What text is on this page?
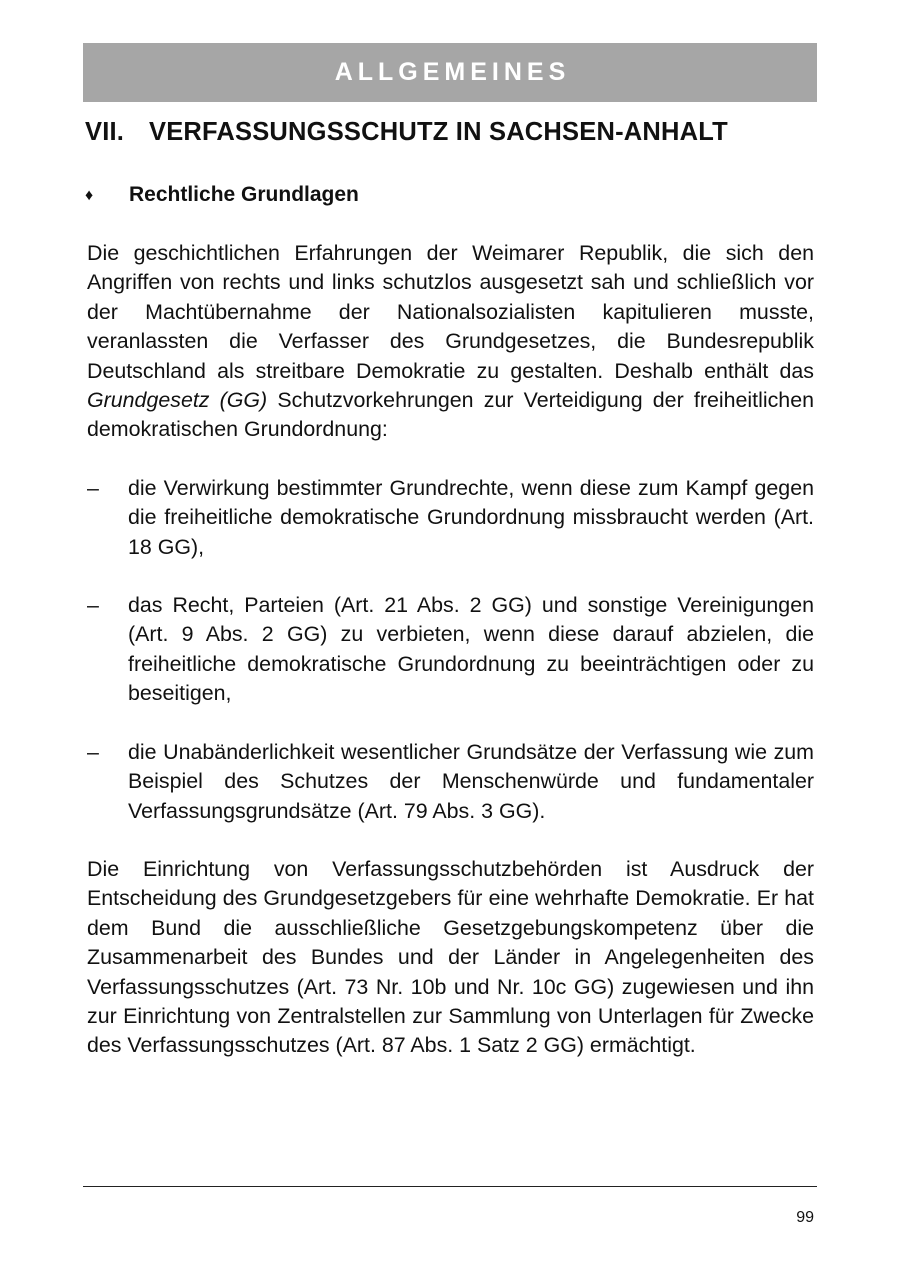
ALLGEMEINES
VII. VERFASSUNGSSCHUTZ IN SACHSEN-ANHALT
♦ Rechtliche Grundlagen

Die geschichtlichen Erfahrungen der Weimarer Republik, die sich den Angriffen von rechts und links schutzlos ausgesetzt sah und schließlich vor der Machtübernahme der Nationalsozialisten kapitulieren musste, veranlassten die Verfasser des Grundgesetzes, die Bundesrepublik Deutschland als streitbare Demokratie zu gestalten. Deshalb enthält das Grundgesetz (GG) Schutzvorkehrungen zur Verteidigung der freiheitlichen demokratischen Grundordnung:

–	die Verwirkung bestimmter Grundrechte, wenn diese zum Kampf gegen die freiheitliche demokratische Grundordnung missbraucht werden (Art. 18 GG),
–	das Recht, Parteien (Art. 21 Abs. 2 GG) und sonstige Vereinigungen (Art. 9 Abs. 2 GG) zu verbieten, wenn diese darauf abzielen, die freiheitliche demokratische Grundordnung zu beeinträchtigen oder zu beseitigen,
–	die Unabänderlichkeit wesentlicher Grundsätze der Verfassung wie zum Beispiel des Schutzes der Menschenwürde und fundamentaler Verfassungsgrundsätze (Art. 79 Abs. 3 GG).

Die Einrichtung von Verfassungsschutzbehörden ist Ausdruck der Entscheidung des Grundgesetzgebers für eine wehrhafte Demokratie. Er hat dem Bund die ausschließliche Gesetzgebungskompetenz über die Zusammenarbeit des Bundes und der Länder in Angelegenheiten des Verfassungsschutzes (Art. 73 Nr. 10b und Nr. 10c GG) zugewiesen und ihn zur Einrichtung von Zentralstellen zur Sammlung von Unterlagen für Zwecke des Verfassungsschutzes (Art. 87 Abs. 1 Satz 2 GG) ermächtigt.

99
